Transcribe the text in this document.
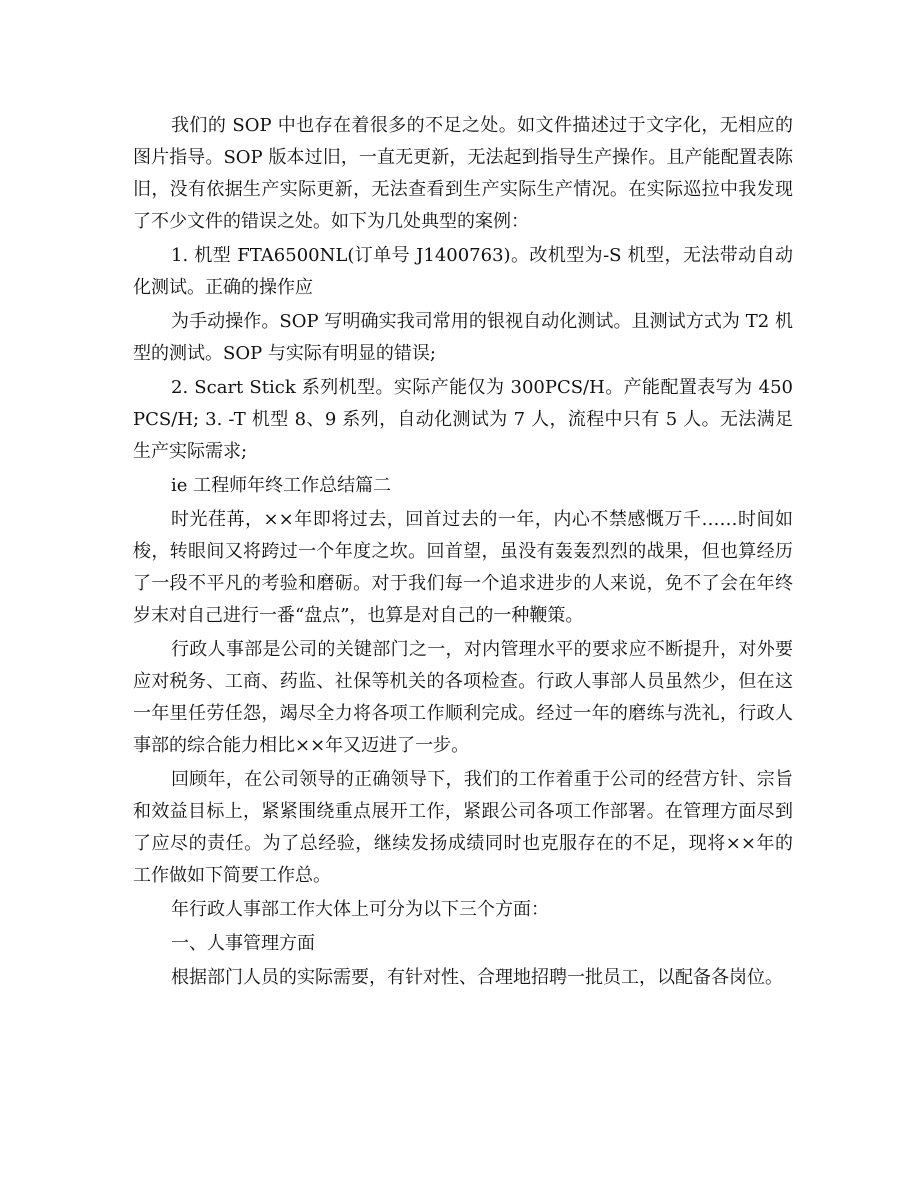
我们的 SOP 中也存在着很多的不足之处。如文件描述过于文字化，无相应的图片指导。SOP 版本过旧，一直无更新，无法起到指导生产操作。且产能配置表陈旧，没有依据生产实际更新，无法查看到生产实际生产情况。在实际巡拉中我发现了不少文件的错误之处。如下为几处典型的案例：

1. 机型 FTA6500NL(订单号 J1400763)。改机型为-S 机型，无法带动自动化测试。正确的操作应

为手动操作。SOP 写明确实我司常用的银视自动化测试。且测试方式为 T2 机型的测试。SOP 与实际有明显的错误;

2. Scart Stick 系列机型。实际产能仅为 300PCS/H。产能配置表写为 450PCS/H; 3. -T 机型 8、9 系列，自动化测试为 7 人，流程中只有 5 人。无法满足生产实际需求;

ie 工程师年终工作总结篇二

时光荏苒，××年即将过去，回首过去的一年，内心不禁感慨万千……时间如梭，转眼间又将跨过一个年度之坎。回首望，虽没有轰轰烈烈的战果，但也算经历了一段不平凡的考验和磨砺。对于我们每一个追求进步的人来说，免不了会在年终岁末对自己进行一番“盘点”，也算是对自己的一种鞭策。

行政人事部是公司的关键部门之一，对内管理水平的要求应不断提升，对外要应对税务、工商、药监、社保等机关的各项检查。行政人事部人员虽然少，但在这一年里任劳任怨，竭尽全力将各项工作顺利完成。经过一年的磨练与洗礼，行政人事部的综合能力相比××年又迈进了一步。

回顾年，在公司领导的正确领导下，我们的工作着重于公司的经营方针、宗旨和效益目标上，紧紧围绕重点展开工作，紧跟公司各项工作部署。在管理方面尽到了应尽的责任。为了总经验，继续发扬成绩同时也克服存在的不足，现将××年的工作做如下简要工作总。

年行政人事部工作大体上可分为以下三个方面：

一、人事管理方面

根据部门人员的实际需要，有针对性、合理地招聘一批员工，以配备各岗位。
